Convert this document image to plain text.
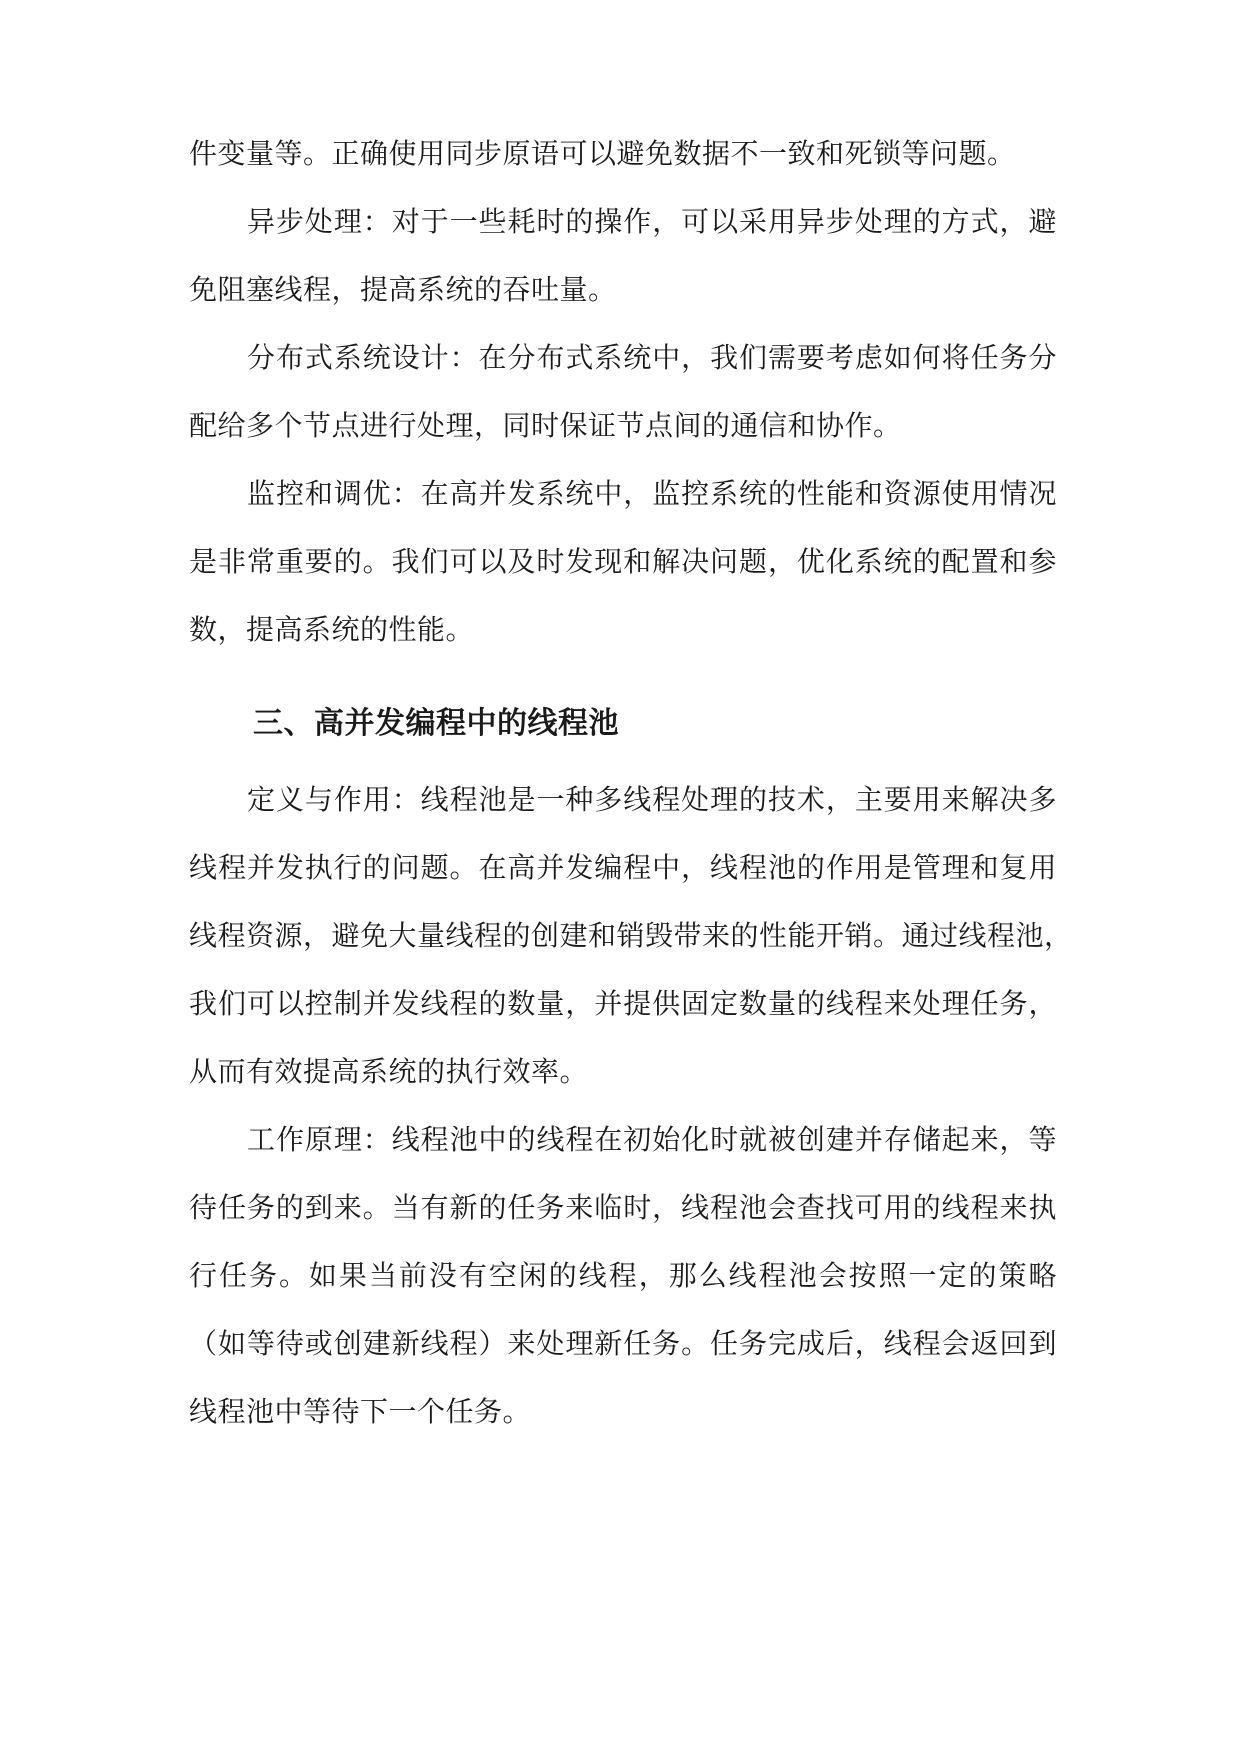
件变量等。正确使用同步原语可以避免数据不一致和死锁等问题。
异步处理：对于一些耗时的操作，可以采用异步处理的方式，避
免阻塞线程，提高系统的吞吐量。
分布式系统设计：在分布式系统中，我们需要考虑如何将任务分
配给多个节点进行处理，同时保证节点间的通信和协作。
监控和调优：在高并发系统中，监控系统的性能和资源使用情况
是非常重要的。我们可以及时发现和解决问题，优化系统的配置和参
数，提高系统的性能。
三、高并发编程中的线程池
定义与作用：线程池是一种多线程处理的技术，主要用来解决多
线程并发执行的问题。在高并发编程中，线程池的作用是管理和复用
线程资源，避免大量线程的创建和销毁带来的性能开销。通过线程池，
我们可以控制并发线程的数量，并提供固定数量的线程来处理任务，
从而有效提高系统的执行效率。
工作原理：线程池中的线程在初始化时就被创建并存储起来，等
待任务的到来。当有新的任务来临时，线程池会查找可用的线程来执
行任务。如果当前没有空闲的线程，那么线程池会按照一定的策略
（如等待或创建新线程）来处理新任务。任务完成后，线程会返回到
线程池中等待下一个任务。
